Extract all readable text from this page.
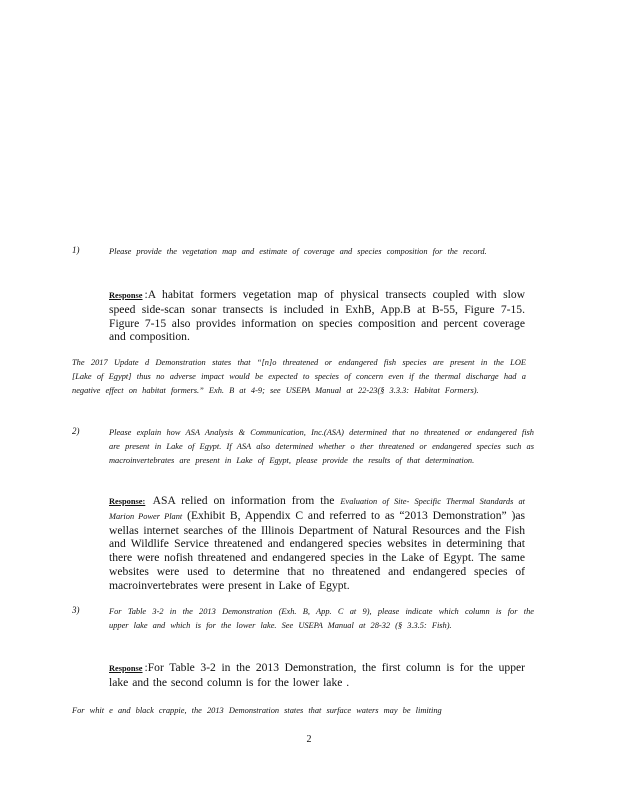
1)	Please provide the vegetation map and estimate of coverage and species composition for the record.
Response :A habitat formers vegetation map of physical transects coupled with slow speed side-scan sonar transects is included in ExhB, App.B at B-55, Figure 7-15. Figure 7-15 also provides information on species composition and percent coverage and composition.
The 2017 Update d Demonstration states that “[n]o threatened or endangered fish species are present in the LOE [Lake of Egypt] thus no adverse impact would be expected to species of concern even if the thermal discharge had a negative effect on habitat formers.” Exh. B at 4-9; see USEPA Manual at 22-23(§ 3.3.3: Habitat Formers).
2)	Please explain how ASA Analysis & Communication, Inc.(ASA) determined that no threatened or endangered fish are present in Lake of Egypt. If ASA also determined whether o ther threatened or endangered species such as macroinvertebrates are present in Lake of Egypt, please provide the results of that determination.
Response: ASA relied on information from the Evaluation of Site- Specific Thermal Standards at Marion Power Plant (Exhibit B, Appendix C and referred to as “2013 Demonstration” )as wellas internet searches of the Illinois Department of Natural Resources and the Fish and Wildlife Service threatened and endangered species websites in determining that there were nofish threatened and endangered species in the Lake of Egypt. The same websites were used to determine that no threatened and endangered species of macroinvertebrates were present in Lake of Egypt.
3)	For Table 3-2 in the 2013 Demonstration (Exh. B, App. C at 9), please indicate which column is for the upper lake and which is for the lower lake. See USEPA Manual at 28-32 (§ 3.3.5: Fish).
Response :For Table 3-2 in the 2013 Demonstration, the first column is for the upper lake and the second column is for the lower lake .
For whit e and black crappie, the 2013 Demonstration states that surface waters may be limiting
2
